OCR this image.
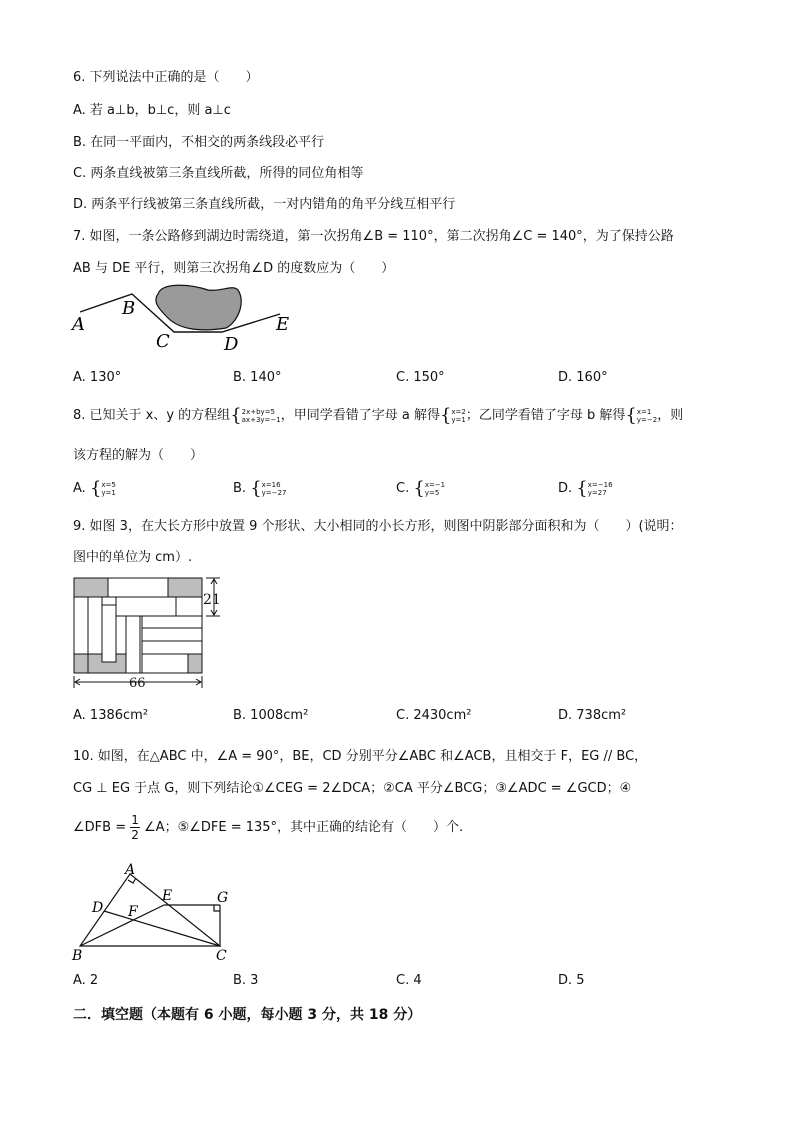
6. 下列说法中正确的是（　　）
A. 若 a⊥b，b⊥c，则 a⊥c
B. 在同一平面内，不相交的两条线段必平行
C. 两条直线被第三条直线所截，所得的同位角相等
D. 两条平行线被第三条直线所截，一对内错角的角平分线互相平行
7. 如图，一条公路修到湖边时需绕道，第一次拐角∠B = 110°，第二次拐角∠C = 140°，为了保持公路
AB 与 DE 平行，则第三次拐角∠D 的度数应为（　　）
A
B
C	D
E
A. 130°	B. 140°	C. 150°	D. 160°
8. 已知关于 x、y 的方程组{ 2x+by=5
ax+3y=−1 ，甲同学看错了字母 a 解得{ x=2
y=1 ；乙同学看错了字母 b 解得{ x=1
y=−2 ，则
该方程的解为（　　）
A. { x=5
y=1	B. { x=16
y=−27	C. { x=−1
y=5	D. { x=−16
y=27
9. 如图 3，在大长方形中放置 9 个形状、大小相同的小长方形，则图中阴影部分面积和为（　　）(说明：
图中的单位为 cm）.
21
66
A. 1386cm²	B. 1008cm²	C. 2430cm²	D. 738cm²
10. 如图，在△ABC 中，∠A = 90°，BE，CD 分别平分∠ABC 和∠ACB，且相交于 F，EG // BC，
CG ⊥ EG 于点 G，则下列结论①∠CEG = 2∠DCA；②CA 平分∠BCG；③∠ADC = ∠GCD；④
∠DFB = $\frac{1}{2}$ ∠A；⑤∠DFE = 135°，其中正确的结论有（　　）个.
A
B	C
D
E
F
G
A. 2	B. 3	C. 4	D. 5
二．填空题（本题有 6 小题，每小题 3 分，共 18 分）
